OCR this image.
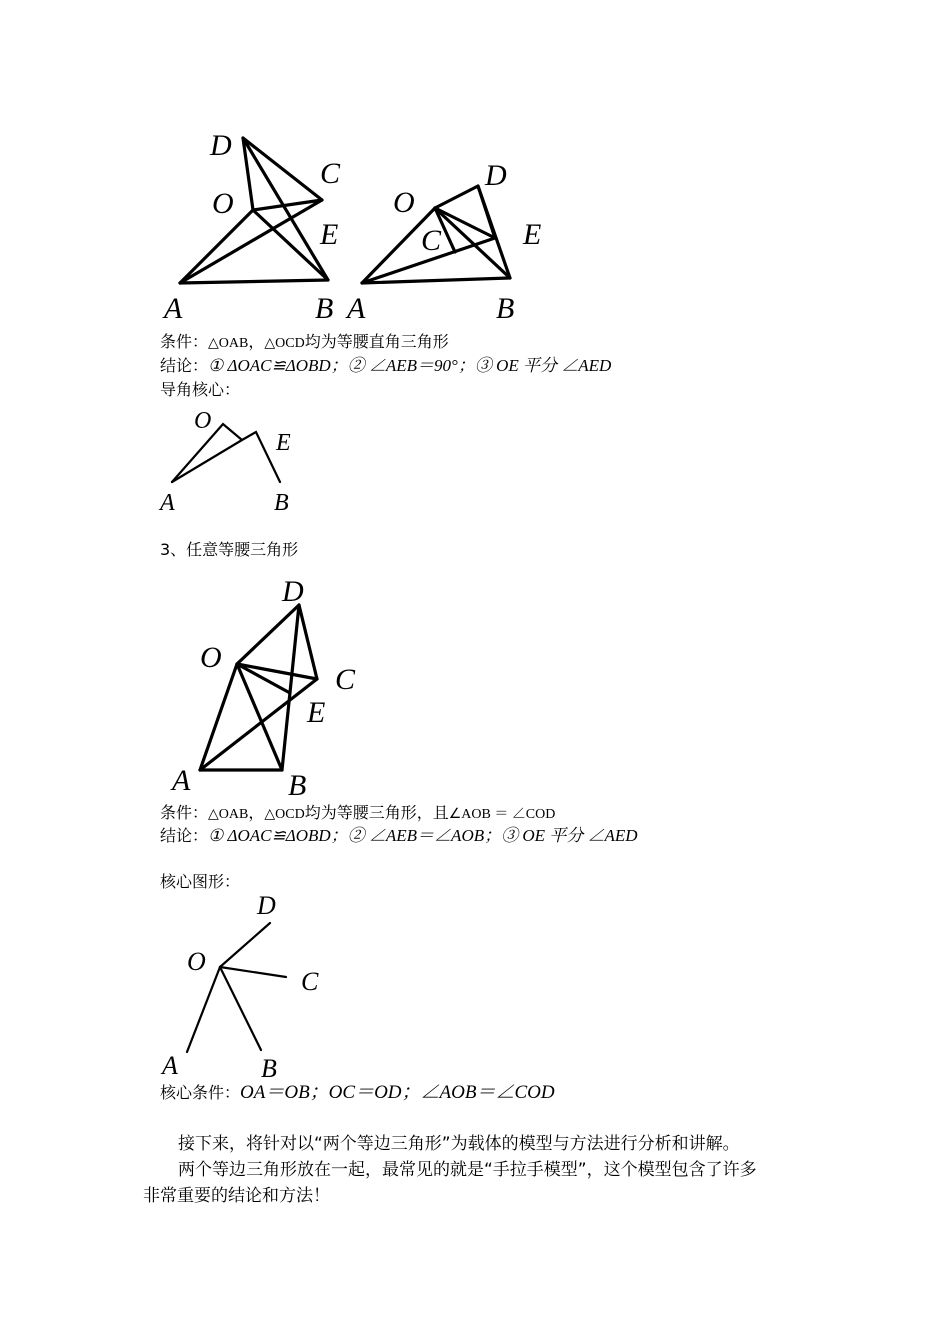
D
C
O
E
A	B
O
D
C	E
A	B
条件：△OAB，△OCD均为等腰直角三角形
结论：① ΔOAC≌ΔOBD；② ∠AEB＝90°；③ OE 平分 ∠AED
导角核心：
O
E
A	B
3、任意等腰三角形
D
O
C
E
A	B
条件：△OAB，△OCD均为等腰三角形，且∠AOB ＝ ∠COD
结论：① ΔOAC≌ΔOBD；② ∠AEB＝∠AOB；③ OE 平分 ∠AED
核心图形：
D
O
C
A	B
核心条件：OA＝OB；OC＝OD；∠AOB＝∠COD
接下来，将针对以“两个等边三角形”为载体的模型与方法进行分析和讲解。
两个等边三角形放在一起，最常见的就是“手拉手模型”，这个模型包含了许多
非常重要的结论和方法！
